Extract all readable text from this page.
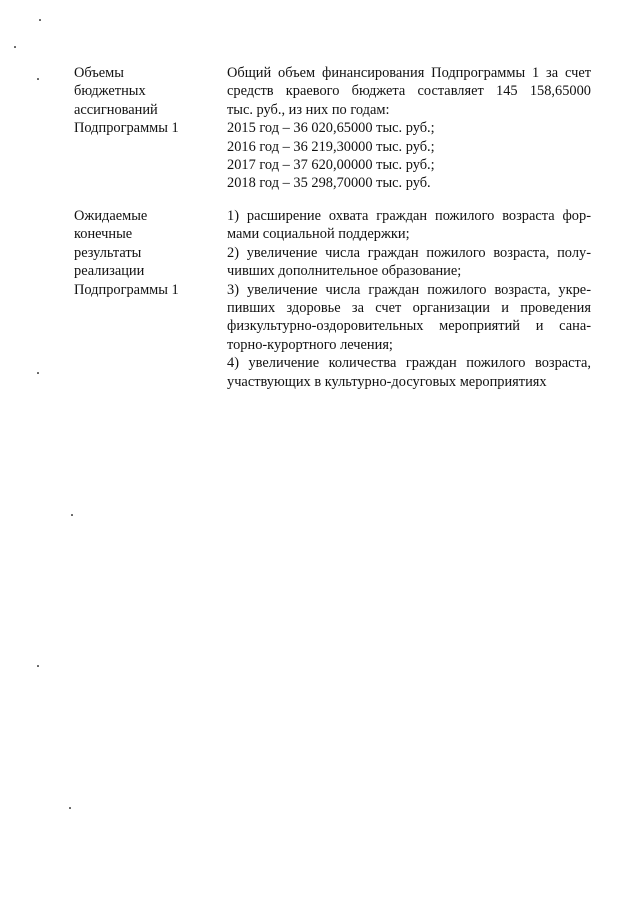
Объемы
бюджетных
ассигнований
Подпрограммы 1
Общий объем финансирования Подпрограммы 1 за счет
средств краевого бюджета составляет 145 158,65000
тыс. руб., из них по годам:
2015 год – 36 020,65000 тыс. руб.;
2016 год – 36 219,30000 тыс. руб.;
2017 год – 37 620,00000 тыс. руб.;
2018 год – 35 298,70000 тыс. руб.
Ожидаемые
конечные
результаты
реализации
Подпрограммы 1
1) расширение охвата граждан пожилого возраста фор-
мами социальной поддержки;
2) увеличение числа граждан пожилого возраста, полу-
чивших дополнительное образование;
3) увеличение числа граждан пожилого возраста, укре-
пивших здоровье за счет организации и проведения
физкультурно-оздоровительных мероприятий и сана-
торно-курортного лечения;
4) увеличение количества граждан пожилого возраста,
участвующих в культурно-досуговых мероприятиях
